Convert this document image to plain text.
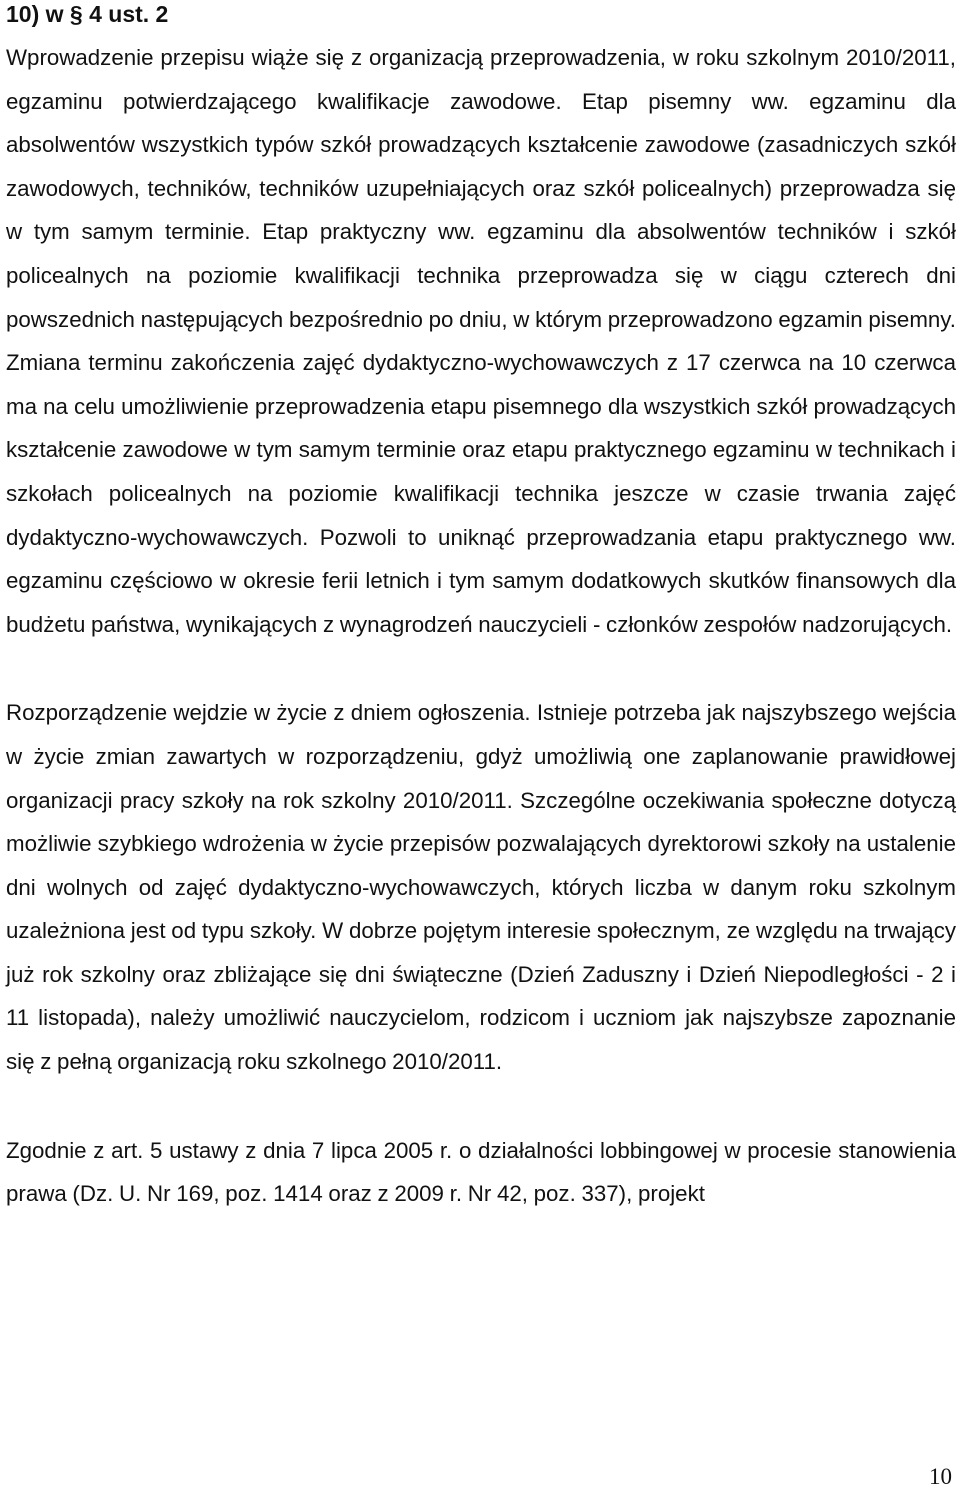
10) w § 4 ust. 2

Wprowadzenie przepisu wiąże się z organizacją przeprowadzenia, w roku szkolnym 2010/2011, egzaminu potwierdzającego kwalifikacje zawodowe. Etap pisemny ww. egzaminu dla absolwentów wszystkich typów szkół prowadzących kształcenie zawodowe (zasadniczych szkół zawodowych, techników, techników uzupełniających oraz szkół policealnych) przeprowadza się w tym samym terminie. Etap praktyczny ww. egzaminu dla absolwentów techników i szkół policealnych na poziomie kwalifikacji technika przeprowadza się w ciągu czterech dni powszednich następujących bezpośrednio po dniu, w którym przeprowadzono egzamin pisemny. Zmiana terminu zakończenia zajęć dydaktyczno-wychowawczych z 17 czerwca na 10 czerwca ma na celu umożliwienie przeprowadzenia etapu pisemnego dla wszystkich szkół prowadzących kształcenie zawodowe w tym samym terminie oraz etapu praktycznego egzaminu w technikach i szkołach policealnych na poziomie kwalifikacji technika jeszcze w czasie trwania zajęć dydaktyczno-wychowawczych. Pozwoli to uniknąć przeprowadzania etapu praktycznego ww. egzaminu częściowo w okresie ferii letnich i tym samym dodatkowych skutków finansowych dla budżetu państwa, wynikających z wynagrodzeń nauczycieli - członków zespołów nadzorujących.

Rozporządzenie wejdzie w życie z dniem ogłoszenia. Istnieje potrzeba jak najszybszego wejścia w życie zmian zawartych w rozporządzeniu, gdyż umożliwią one zaplanowanie prawidłowej organizacji pracy szkoły na rok szkolny 2010/2011. Szczególne oczekiwania społeczne dotyczą możliwie szybkiego wdrożenia w życie przepisów pozwalających dyrektorowi szkoły na ustalenie dni wolnych od zajęć dydaktyczno-wychowawczych, których liczba w danym roku szkolnym uzależniona jest od typu szkoły. W dobrze pojętym interesie społecznym, ze względu na trwający już rok szkolny oraz zbliżające się dni świąteczne (Dzień Zaduszny i Dzień Niepodległości - 2 i 11 listopada), należy umożliwić nauczycielom, rodzicom i uczniom jak najszybsze zapoznanie się z pełną organizacją roku szkolnego 2010/2011.

Zgodnie z art. 5 ustawy z dnia 7 lipca 2005 r. o działalności lobbingowej w procesie stanowienia prawa (Dz. U. Nr 169, poz. 1414 oraz z 2009 r. Nr 42, poz. 337), projekt

10
